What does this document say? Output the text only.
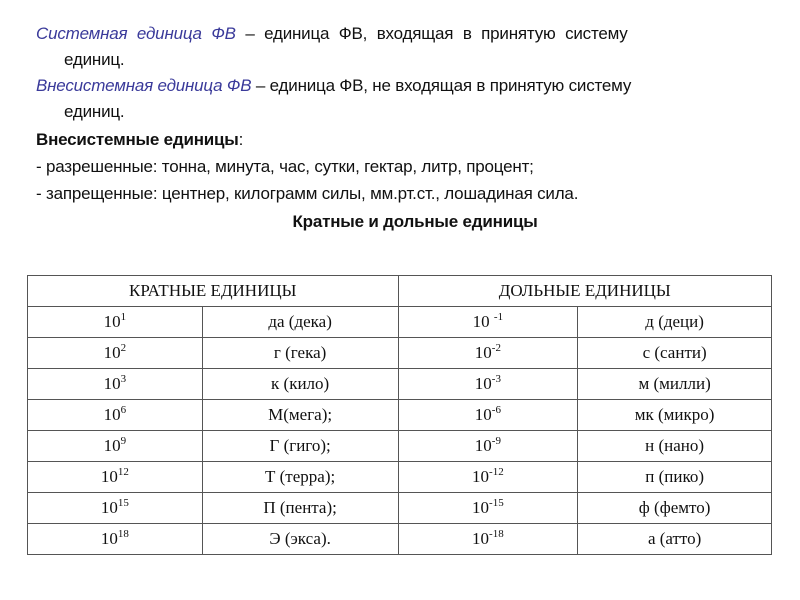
Системная единица ФВ – единица ФВ, входящая в принятую систему
единиц.
Внесистемная единица ФВ – единица ФВ, не входящая в принятую систему
единиц.
Внесистемные единицы:
- разрешенные: тонна, минута, час, сутки, гектар, литр, процент;
- запрещенные: центнер, килограмм силы, мм.рт.ст., лошадиная сила.
Кратные и дольные единицы
КРАТНЫЕ ЕДИНИЦЫ		ДОЛЬНЫЕ ЕДИНИЦЫ	
$10^1$	да (дека)	10 $^{-1}$	д (деци)
$10^2$	г (гека)	$10^{-2}$	с (санти)
$10^3$	к (кило)	$10^{-3}$	м (милли)
$10^6$	М(мега);	$10^{-6}$	мк (микро)
$10^9$	Г (гиго);	$10^{-9}$	н (нано)
$10^{12}$	Т (терра);	$10^{-12}$	п (пико)
$10^{15}$	П (пента);	$10^{-15}$	ф (фемто)
$10^{18}$	Э (экса).	$10^{-18}$	а (атто)
